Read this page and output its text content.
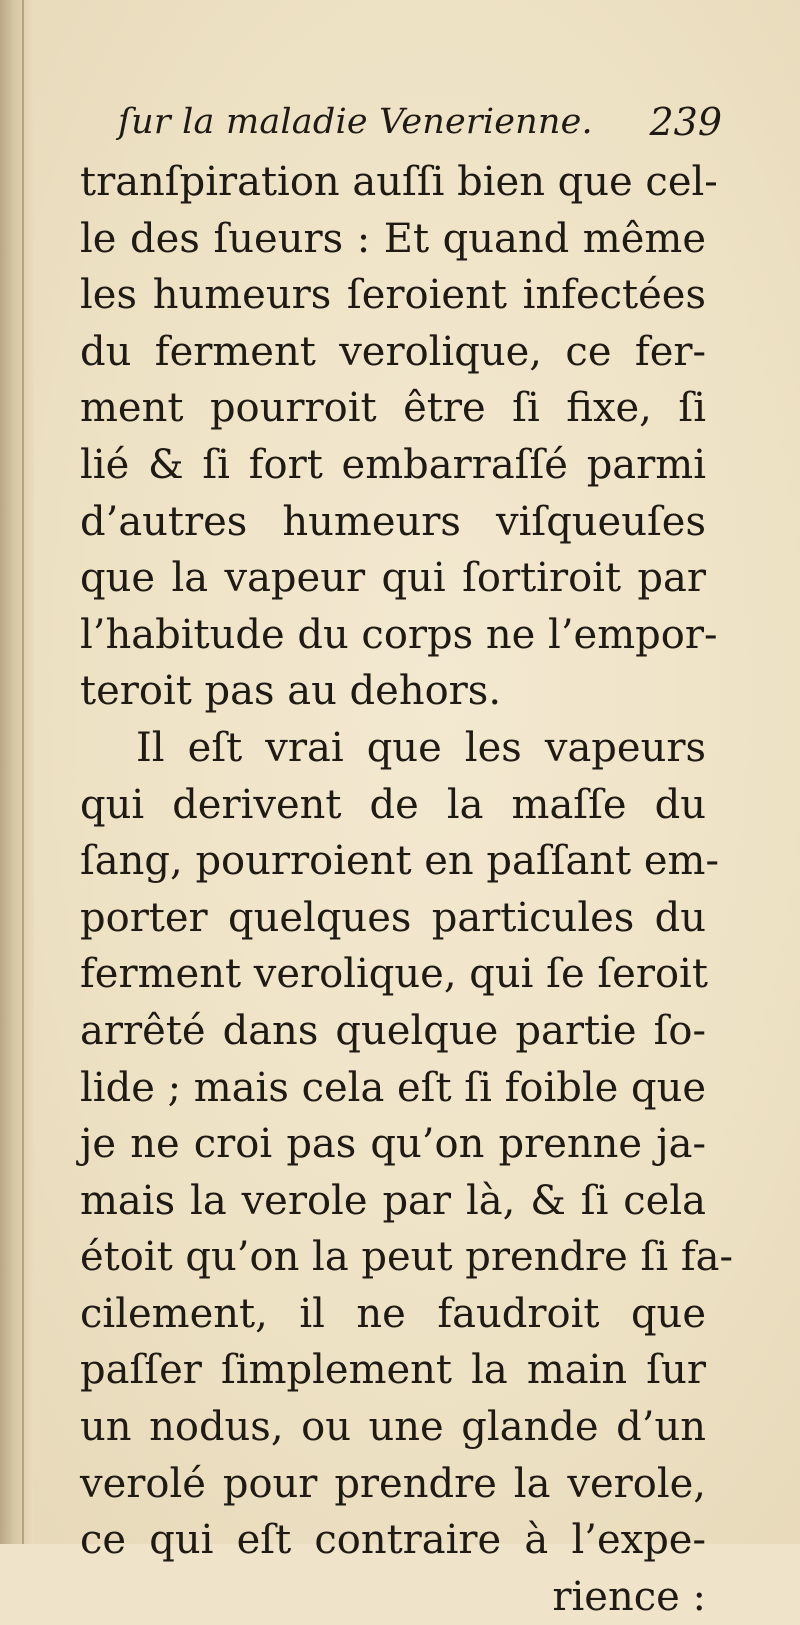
ſur la maladie Venerienne. 239
tranſpiration auſſi bien que cel-
le des ſueurs : Et quand même
les humeurs ſeroient infectées
du ferment verolique, ce fer-
ment pourroit être ſi fixe, ſi
lié & ſi fort embarraſſé parmi
d’autres humeurs viſqueuſes
que la vapeur qui ſortiroit par
l’habitude du corps ne l’empor-
teroit pas au dehors.
Il eſt vrai que les vapeurs
qui derivent de la maſſe du
ſang, pourroient en paſſant em-
porter quelques particules du
ferment verolique, qui ſe ſeroit
arrêté dans quelque partie ſo-
lide ; mais cela eſt ſi foible que
je ne croi pas qu’on prenne ja-
mais la verole par là, & ſi cela
étoit qu’on la peut prendre ſi fa-
cilement, il ne faudroit que
paſſer ſimplement la main ſur
un nodus, ou une glande d’un
verolé pour prendre la verole,
ce qui eſt contraire à l’expe-
rience :
